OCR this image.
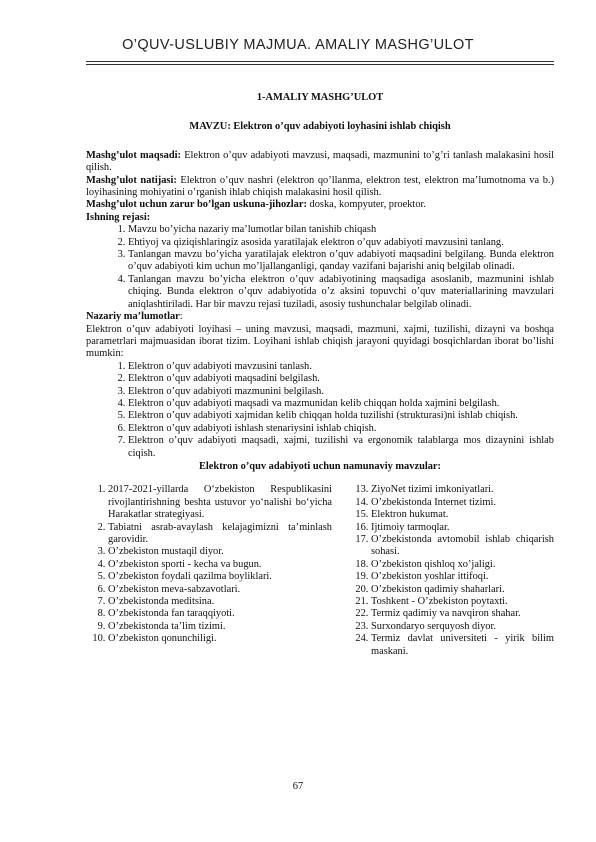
O’QUV-USLUBIY MAJMUA. AMALIY MASHG’ULOT

1-AMALIY MASHG’ULOT

MAVZU: Elektron o’quv adabiyoti loyhasini ishlab chiqish

Mashg’ulot maqsadi: Elektron o’quv adabiyoti mavzusi, maqsadi, mazmunini to’g’ri tanlash malakasini hosil qilish.

Mashg’ulot natijasi: Elektron o’quv nashri (elektron qo’llanma, elektron test, elektron ma’lumotnoma va b.) loyihasining mohiyatini o’rganish ihlab chiqish malakasini hosil qilish.

Mashg’ulot uchun zarur bo’lgan uskuna-jihozlar: doska, kompyuter, proektor.

Ishning rejasi:

1. Mavzu bo’yicha nazariy ma’lumotlar bilan tanishib chiqash
2. Ehtiyoj va qiziqishlaringiz asosida yaratilajak elektron o’quv adabiyoti mavzusini tanlang.
3. Tanlangan mavzu bo’yicha yaratilajak elektron o’quv adabiyoti maqsadini belgilang. Bunda elektron o’quv adabiyoti kim uchun mo’ljallanganligi, qanday vazifani bajarishi aniq belgilab olinadi.
4. Tanlangan mavzu bo’yicha elektron o’quv adabiyotining maqsadiga asoslanib, mazmunini ishlab chiqing. Bunda elektron o’quv adabiyotida o’z aksini topuvchi o’quv materiallarining mavzulari aniqlashtiriladi. Har bir mavzu rejasi tuziladi, asosiy tushunchalar belgilab olinadi.

Nazariy ma’lumotlar:

Elektron o’quv adabiyoti loyihasi – uning mavzusi, maqsadi, mazmuni, xajmi, tuzilishi, dizayni va boshqa parametrlari majmuasidan iborat tizim. Loyihani ishlab chiqish jarayoni quyidagi bosqichlardan iborat bo’lishi mumkin:

1. Elektron o’quv adabiyoti mavzusini tanlash.
2. Elektron o’quv adabiyoti maqsadini belgilash.
3. Elektron o’quv adabiyoti mazmunini belgilash.
4. Elektron o’quv adabiyoti maqsadi va mazmunidan kelib chiqqan holda xajmini belgilash.
5. Elektron o’quv adabiyoti xajmidan kelib chiqqan holda tuzilishi (strukturasi)ni ishlab chiqish.
6. Elektron o’quv adabiyoti ishlash stenariysini ishlab chiqish.
7. Elektron o’quv adabiyoti maqsadi, xajmi, tuzilishi va ergonomik talablarga mos dizaynini ishlab ciqish.

Elektron o’quv adabiyoti uchun namunaviy mavzular:

1. 2017-2021-yillarda O‘zbekiston Respublikasini rivojlantirishning beshta ustuvor yo‘nalishi bo‘yicha Harakatlar strategiyasi.
2. Tabiatni asrab-avaylash kelajagimizni ta’minlash garovidir.
3. O’zbekiston mustaqil diyor.
4. O’zbekiston sporti - kecha va bugun.
5. O’zbekiston foydali qazilma boyliklari.
6. O’zbekiston meva-sabzavotlari.
7. O’zbekistonda meditsina.
8. O’zbekistonda fan taraqqiyoti.
9. O’zbekistonda ta’lim tizimi.
10. O’zbekiston qonunchiligi.
13. ZiyoNet tizimi imkoniyatlari.
14. O’zbekistonda Internet tizimi.
15. Elektron hukumat.
16. Ijtimoiy tarmoqlar.
17. O’zbekistonda avtomobil ishlab chiqarish sohasi.
18. O’zbekiston qishloq xo’jaligi.
19. O’zbekiston yoshlar ittifoqi.
20. O’zbekiston qadimiy shaharlari.
21. Toshkent - O’zbekiston poytaxti.
22. Termiz qadimiy va navqiron shahar.
23. Surxondaryo serquyosh diyor.
24. Termiz davlat universiteti - yirik bilim maskani.
67
